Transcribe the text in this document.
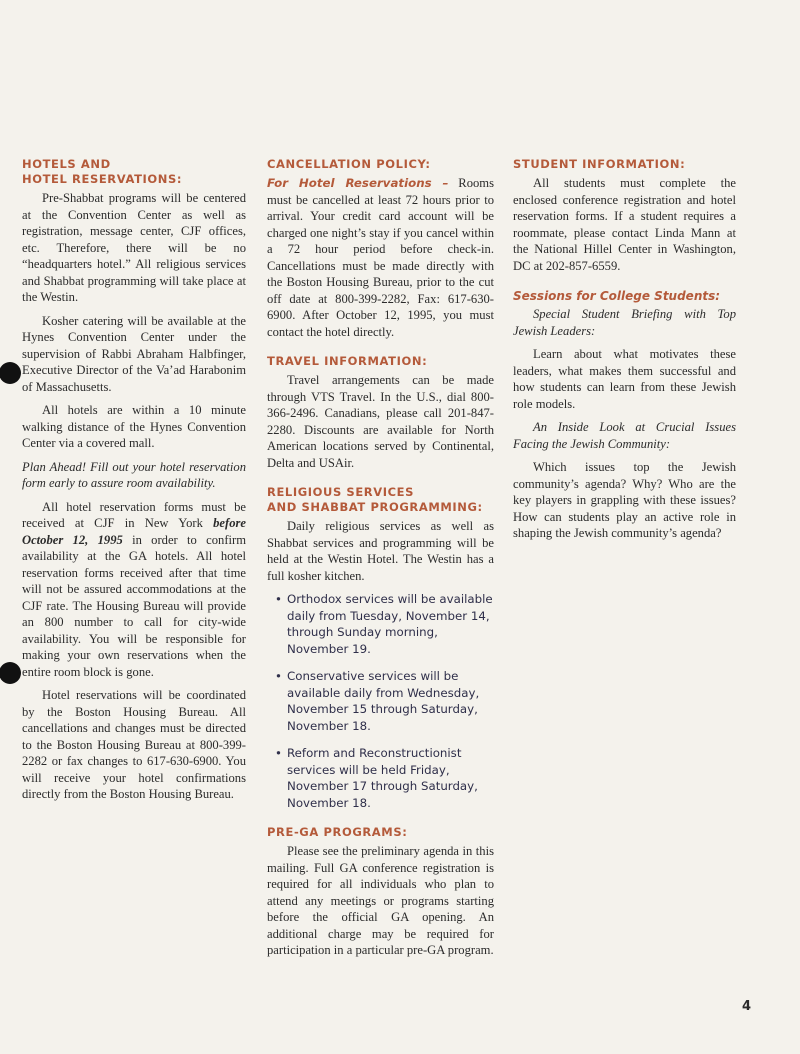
HOTELS AND
HOTEL RESERVATIONS:

Pre-Shabbat programs will be centered at the Convention Center as well as registration, message center, CJF offices, etc. Therefore, there will be no “headquarters hotel.” All religious services and Shabbat programming will take place at the Westin.

Kosher catering will be available at the Hynes Convention Center under the supervision of Rabbi Abraham Halbfinger, Executive Director of the Va’ad Harabonim of Massachusetts.

All hotels are within a 10 minute walking distance of the Hynes Convention Center via a covered mall.

Plan Ahead! Fill out your hotel reservation form early to assure room availability.

All hotel reservation forms must be received at CJF in New York before October 12, 1995 in order to confirm availability at the GA hotels. All hotel reservation forms received after that time will not be assured accommodations at the CJF rate. The Housing Bureau will provide an 800 number to call for city-wide availability. You will be responsible for making your own reservations when the entire room block is gone.

Hotel reservations will be coordinated by the Boston Housing Bureau. All cancellations and changes must be directed to the Boston Housing Bureau at 800-399-2282 or fax changes to 617-630-6900. You will receive your hotel confirmations directly from the Boston Housing Bureau.

CANCELLATION POLICY:

For Hotel Reservations – Rooms must be cancelled at least 72 hours prior to arrival. Your credit card account will be charged one night’s stay if you cancel within a 72 hour period before check-in. Cancellations must be made directly with the Boston Housing Bureau, prior to the cut off date at 800-399-2282, Fax: 617-630-6900. After October 12, 1995, you must contact the hotel directly.

TRAVEL INFORMATION:

Travel arrangements can be made through VTS Travel. In the U.S., dial 800-366-2496. Canadians, please call 201-847-2280. Discounts are available for North American locations served by Continental, Delta and USAir.

RELIGIOUS SERVICES
AND SHABBAT PROGRAMMING:

Daily religious services as well as Shabbat services and programming will be held at the Westin Hotel. The Westin has a full kosher kitchen.

• Orthodox services will be available daily from Tuesday, November 14, through Sunday morning, November 19.
• Conservative services will be available daily from Wednesday, November 15 through Saturday, November 18.
• Reform and Reconstructionist services will be held Friday, November 17 through Saturday, November 18.
PRE-GA PROGRAMS:

Please see the preliminary agenda in this mailing. Full GA conference registration is required for all individuals who plan to attend any meetings or programs starting before the official GA opening. An additional charge may be required for participation in a particular pre-GA program.

STUDENT INFORMATION:

All students must complete the enclosed conference registration and hotel reservation forms. If a student requires a roommate, please contact Linda Mann at the National Hillel Center in Washington, DC at 202-857-6559.

Sessions for College Students:

Special Student Briefing with Top Jewish Leaders:

Learn about what motivates these leaders, what makes them successful and how students can learn from these Jewish role models.

An Inside Look at Crucial Issues Facing the Jewish Community:

Which issues top the Jewish community’s agenda? Why? Who are the key players in grappling with these issues? How can students play an active role in shaping the Jewish community’s agenda?

4
